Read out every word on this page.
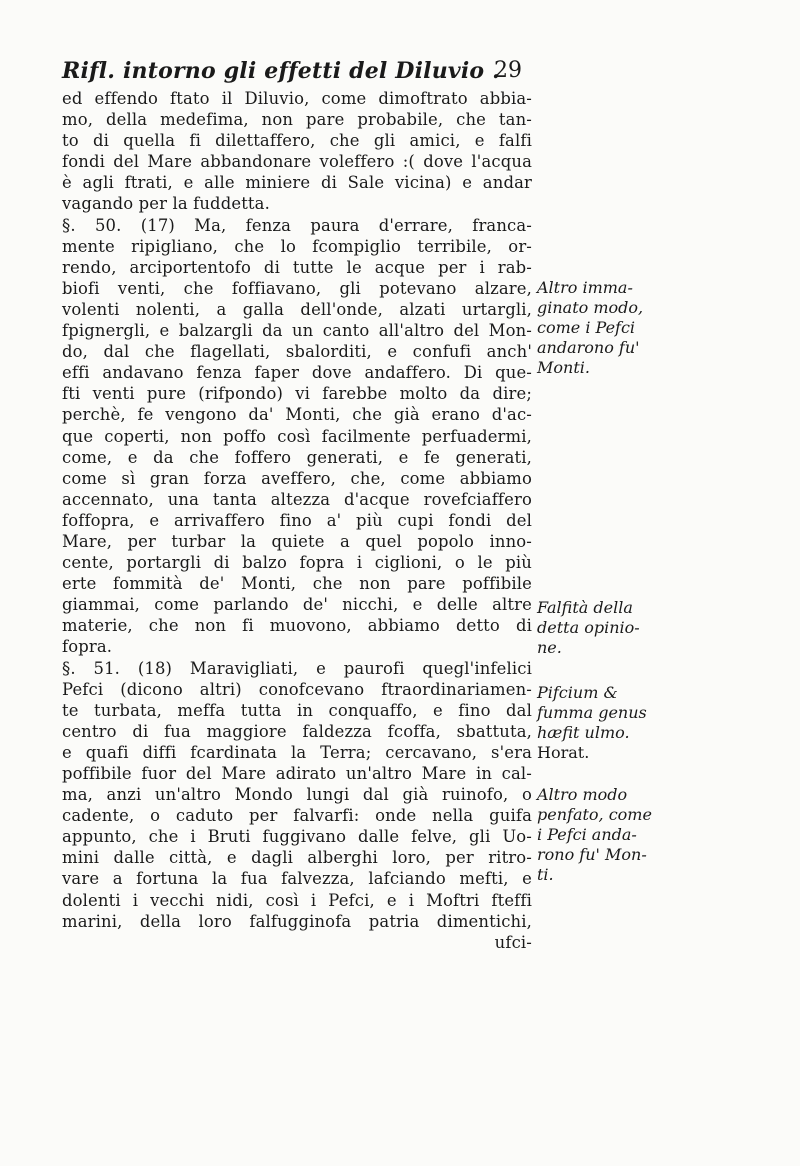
Rifl. intorno gli effetti del Diluvio .
29
ed effendo ftato il Diluvio, come dimoftrato abbia-
mo, della medefima, non pare probabile, che tan-
to di quella fi dilettaffero, che gli amici, e falfi
fondi del Mare abbandonare voleffero :( dove l'acqua
è agli ftrati, e alle miniere di Sale vicina) e andar
vagando per la fuddetta.
§. 50. (17) Ma, fenza paura d'errare, franca-
mente ripigliano, che lo fcompiglio terribile, or-
rendo, arciportentofo di tutte le acque per i rab-
biofi venti, che foffiavano, gli potevano alzare,
volenti nolenti, a galla dell'onde, alzati urtargli,
fpignergli, e balzargli da un canto all'altro del Mon-
do, dal che flagellati, sbalorditi, e confufi anch'
effi andavano fenza faper dove andaffero. Di que-
fti venti pure (rifpondo) vi farebbe molto da dire;
perchè, fe vengono da' Monti, che già erano d'ac-
que coperti, non poffo così facilmente perfuadermi,
come, e da che foffero generati, e fe generati,
come sì gran forza aveffero, che, come abbiamo
accennato, una tanta altezza d'acque rovefciaffero
foffopra, e arrivaffero fino a' più cupi fondi del
Mare, per turbar la quiete a quel popolo inno-
cente, portargli di balzo fopra i ciglioni, o le più
erte fommità de' Monti, che non pare poffibile
giammai, come parlando de' nicchi, e delle altre
materie, che non fi muovono, abbiamo detto di
fopra.
§. 51. (18) Maravigliati, e paurofi quegl'infelici
Pefci (dicono altri) conofcevano ftraordinariamen-
te turbata, meffa tutta in conquaffo, e fino dal
centro di fua maggiore faldezza fcoffa, sbattuta,
e quafi diffi fcardinata la Terra; cercavano, s'era
poffibile fuor del Mare adirato un'altro Mare in cal-
ma, anzi un'altro Mondo lungi dal già ruinofo, o
cadente, o caduto per falvarfi: onde nella guifa
appunto, che i Bruti fuggivano dalle felve, gli Uo-
mini dalle città, e dagli alberghi loro, per ritro-
vare a fortuna la fua falvezza, lafciando mefti, e
dolenti i vecchi nidi, così i Pefci, e i Moftri fteffi
marini, della loro falfugginofa patria dimentichi,
ufci-
Altro imma-
ginato modo,
come i Pefci
andarono fu'
Monti.
Falfità della
detta opinio-
ne.
Pifcium &
fumma genus
hæfit ulmo.
Horat.
Altro modo
penfato, come
i Pefci anda-
rono fu' Mon-
ti.
